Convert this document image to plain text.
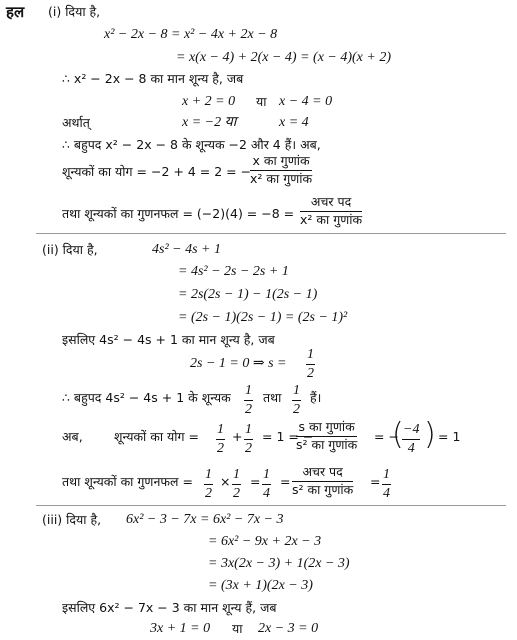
हल (i) दिया है,
x² − 2x − 8 = x² − 4x + 2x − 8
= x(x − 4) + 2(x − 4) = (x − 4)(x + 2)
∴ x² − 2x − 8 का मान शून्य है, जब
x + 2 = 0 या x − 4 = 0
अर्थात्	x = −2 या	x = 4
∴ बहुपद x² − 2x − 8 के शून्यक −2 और 4 हैं। अब,
शून्यकों का योग = −2 + 4 = 2 = −
x का गुणांक
x² का गुणांक
तथा शून्यकों का गुणनफल = (−2)(4) = −8 =
अचर पद
x² का गुणांक
(ii) दिया है,	4s² − 4s + 1
= 4s² − 2s − 2s + 1
= 2s(2s − 1) − 1(2s − 1)
= (2s − 1)(2s − 1) = (2s − 1)²
इसलिए 4s² − 4s + 1 का मान शून्य है, जब
2s − 1 = 0 ⇒ $s = \frac{1}{2}$
∴ बहुपद 4s² − 4s + 1 के शून्यक $\frac{1}{2}$ तथा $\frac{1}{2}$ हैं।
अब,	शून्यकों का योग = $\frac{1}{2} + \frac{1}{2} = 1$ = −
s का गुणांक
s² का गुणांक = −
(
$\frac{-4}{4}$ ) = 1
तथा शून्यकों का गुणनफल = $\frac{1}{2} \times \frac{1}{2} = \frac{1}{4}$ =
अचर पद
s² का गुणांक = $\frac{1}{4}$
(iii) दिया है, 6x² − 3 − 7x = 6x² − 7x − 3
= 6x² − 9x + 2x − 3
= 3x(2x − 3) + 1(2x − 3)
= (3x + 1)(2x − 3)
इसलिए 6x² − 7x − 3 का मान शून्य हैं, जब
3x + 1 = 0 या 2x − 3 = 0
